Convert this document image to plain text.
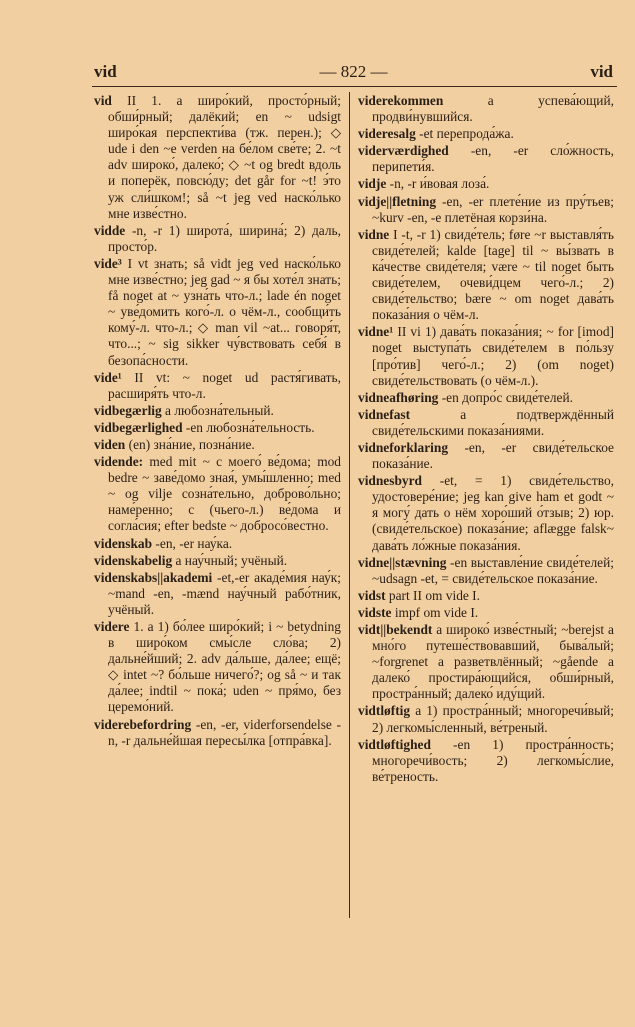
vid	— 822 —	vid

vid II 1. a широ́кий, просто́рный; обши́рный; далёкий; en ~ udsigt широ́кая перспекти́ва (тж. перен.); ◇ ude i den ~e verden на бе́лом све́те; 2. ~t adv широко́, далеко́; ◇ ~t og bredt вдоль и поперёк, повсю́ду; det går for ~t! э́то уж сли́шком!; så ~t jeg ved наско́лько мне изве́стно.

vidde -n, -r 1) широта́, ширина́; 2) даль, просто́р.

vide³ I vt знать; så vidt jeg ved наско́лько мне изве́стно; jeg gad ~ я бы хоте́л знать; få noget at ~ узна́ть что-л.; lade én noget ~ уве́домить кого́-л. о чём-л., сообщи́ть кому́-л. что-л.; ◇ man vil ~at... говоря́т, что...; ~ sig sikker чу́вствовать себя́ в безопа́сности.

vide¹ II vt: ~ noget ud растя́гивать, расширя́ть что-л.

vidbegærlig a любозна́тельный.

vidbegærlighed -en любозна́тельность.

viden (en) зна́ние, позна́ние.

vidende: med mit ~ с моего́ ве́дома; mod bedre ~ заве́домо зная́, умы́шленно; med ~ og vilje созна́тельно, доброво́льно; наме́ренно; с (чьего-л.) ве́дома и согла́сия; efter bedste ~ добросо́вестно.

videnskab -en, -er нау́ка.

videnskabelig a нау́чный; учёный.

videnskabs||akademi -et,-er акаде́мия нау́к; ~mand -en, -mænd нау́чный рабо́тник, учёный.

videre 1. a 1) бо́лее широ́кий; i ~ betydning в широ́ком смы́сле сло́ва; 2) дальне́йший; 2. adv да́льше, да́лее; ещё; ◇ intet ~? бо́льше ничего́?; og så ~ и так да́лее; indtil ~ пока́; uden ~ пря́мо, без церемо́ний.

viderebefordring -en, -er, viderforsendelse -n, -r дальне́йшая пересы́лка [отпра́вка].

viderekommen a успева́ющий, продви́нувшийся.

videresalg -et перепрода́жа.

viderværdighed -en, -er сло́жность, перипети́я.

vidje -n, -r и́вовая лоза́.

vidje||fletning -en, -er плете́ние из пру́тьев; ~kurv -en, -e плетёная корзи́на.

vidne I -t, -r 1) свиде́тель; føre ~r выставля́ть свиде́телей; kalde [tage] til ~ вы́звать в ка́честве свиде́теля; være ~ til noget быть свиде́телем, очеви́дцем чего́-л.; 2) свиде́тельство; bære ~ om noget дава́ть показа́ния о чём-л.

vidne¹ II vi 1) дава́ть показа́ния; ~ for [imod] noget выступа́ть свиде́телем в по́льзу [про́тив] чего́-л.; 2) (om noget) свиде́тельствовать (о чём-л.).

vidneafhøring -en допро́с свиде́телей.

vidnefast a подтверждённый свиде́тельскими показа́ниями.

vidneforklaring -en, -er свиде́тельское показа́ние.

vidnesbyrd -et, = 1) свиде́тельство, удостовере́ние; jeg kan give ham et godt ~ я могу́ дать о нём хоро́ший о́тзыв; 2) юр. (свиде́тельское) показа́ние; aflægge falsk~ дава́ть ло́жные показа́ния.

vidne||stævning -en выставле́ние свиде́телей; ~udsagn -et, = свиде́тельское показа́ние.

vidst part II om vide I.

vidste impf om vide I.

vidt||bekendt a широко́ изве́стный; ~berejst a мно́го путеше́ствовавший, быва́лый; ~forgrenet a разветвлённый; ~gående a далеко́ простира́ющийся, обши́рный, простра́нный; далеко́ иду́щий.

vidtløftig a 1) простра́нный; многоречи́вый; 2) легкомы́сленный, ве́треный.

vidtløftighed -en 1) простра́нность; многоречи́вость; 2) легкомы́слие, ве́треность.
